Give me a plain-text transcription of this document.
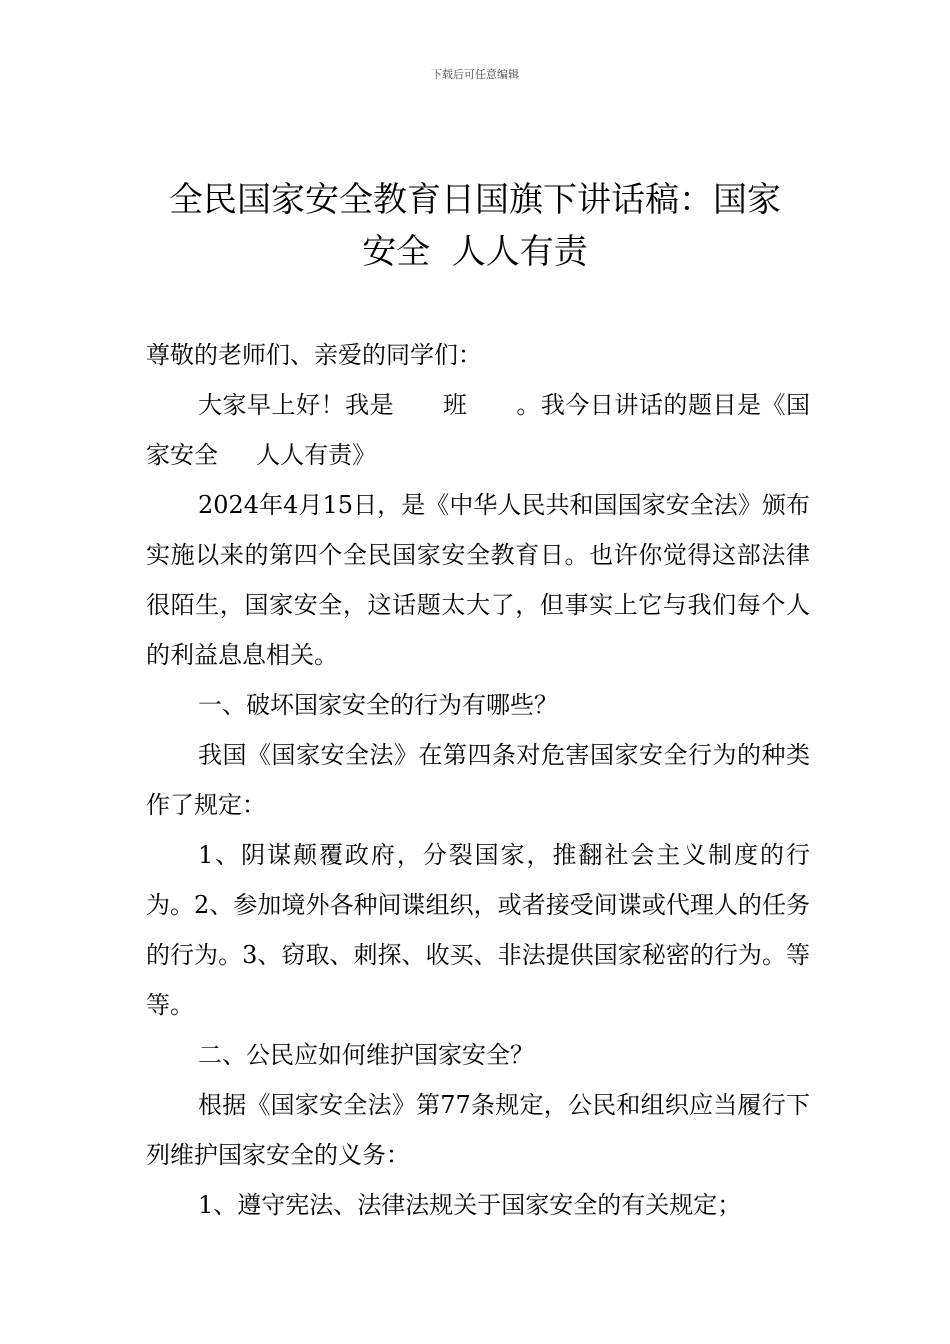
下载后可任意编辑
全民国家安全教育日国旗下讲话稿：国家
安全  人人有责

尊敬的老师们、亲爱的同学们：

大家早上好！我是      班      。我今日讲话的题目是《国家安全     人人有责》

2024年4月15日，是《中华人民共和国国家安全法》颁布实施以来的第四个全民国家安全教育日。也许你觉得这部法律很陌生，国家安全，这话题太大了，但事实上它与我们每个人的利益息息相关。

一、破坏国家安全的行为有哪些？

我国《国家安全法》在第四条对危害国家安全行为的种类作了规定：

1、阴谋颠覆政府，分裂国家，推翻社会主义制度的行为。2、参加境外各种间谍组织，或者接受间谍或代理人的任务的行为。3、窃取、刺探、收买、非法提供国家秘密的行为。等等。

二、公民应如何维护国家安全？

根据《国家安全法》第77条规定，公民和组织应当履行下列维护国家安全的义务：

1、遵守宪法、法律法规关于国家安全的有关规定；
